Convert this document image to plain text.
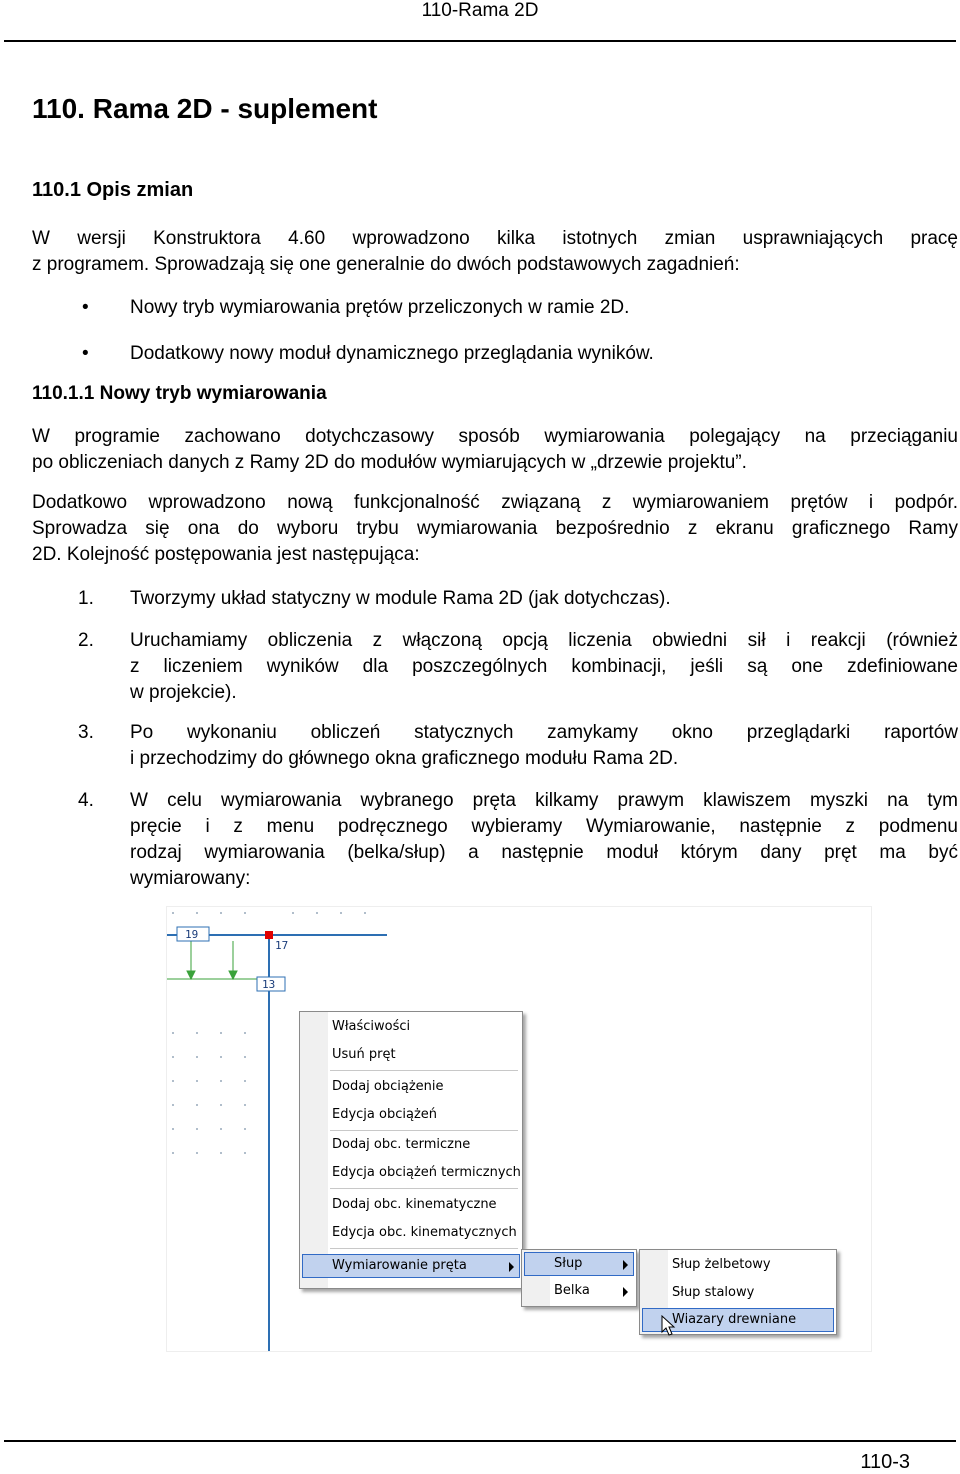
110-Rama 2D
110. Rama 2D - suplement
110.1 Opis zmian
W wersji Konstruktora 4.60 wprowadzono kilka istotnych zmian usprawniających pracę
z programem. Sprowadzają się one generalnie do dwóch podstawowych zagadnień:
• Nowy tryb wymiarowania prętów przeliczonych w ramie 2D.
• Dodatkowy nowy moduł dynamicznego przeglądania wyników.
110.1.1 Nowy tryb wymiarowania
W programie zachowano dotychczasowy sposób wymiarowania polegający na przeciąganiu
po obliczeniach danych z Ramy 2D do modułów wymiarujących w „drzewie projektu”.
Dodatkowo wprowadzono nową funkcjonalność związaną z wymiarowaniem prętów i podpór.
Sprowadza się ona do wyboru trybu wymiarowania bezpośrednio z ekranu graficznego Ramy
2D. Kolejność postępowania jest następująca:
1. Tworzymy układ statyczny w module Rama 2D (jak dotychczas).
2. Uruchamiamy obliczenia z włączoną opcją liczenia obwiedni sił i reakcji (również
z liczeniem wyników dla poszczególnych kombinacji, jeśli są one zdefiniowane
w projekcie).
3. Po wykonaniu obliczeń statycznych zamykamy okno przeglądarki raportów
i przechodzimy do głównego okna graficznego modułu Rama 2D.
4. W celu wymiarowania wybranego pręta kilkamy prawym klawiszem myszki na tym
pręcie i z menu podręcznego wybieramy Wymiarowanie, następnie z podmenu
rodzaj wymiarowania (belka/słup) a następnie moduł którym dany pręt ma być
wymiarowany:
19
17
13
Właściwości
Usuń pręt
Dodaj obciążenie
Edycja obciążeń
Dodaj obc. termiczne
Edycja obciążeń termicznych
Dodaj obc. kinematyczne
Edycja obc. kinematycznych
Wymiarowanie pręta	Słup
Belka
Słup żelbetowy
Słup stalowy
Wiazary drewniane
110-3
